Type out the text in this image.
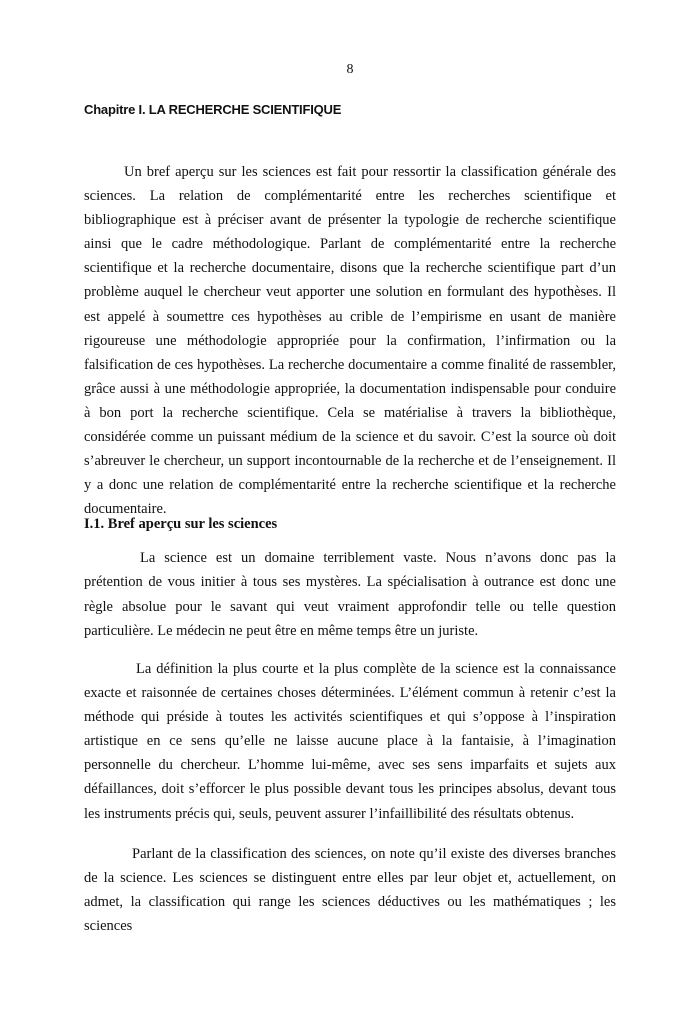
8
Chapitre I. LA RECHERCHE SCIENTIFIQUE

Un bref aperçu sur les sciences est fait pour ressortir la classification générale des sciences. La relation de complémentarité entre les recherches scientifique et bibliographique est à préciser avant de présenter la typologie de recherche scientifique ainsi que le cadre méthodologique. Parlant de complémentarité entre la recherche scientifique et la recherche documentaire, disons que la recherche scientifique part d’un problème auquel le chercheur veut apporter une solution en formulant des hypothèses. Il est appelé à soumettre ces hypothèses au crible de l’empirisme en usant de manière rigoureuse une méthodologie appropriée pour la confirmation, l’infirmation ou la falsification de ces hypothèses. La recherche documentaire a comme finalité de rassembler, grâce aussi à une méthodologie appropriée, la documentation indispensable pour conduire à bon port la recherche scientifique. Cela se matérialise à travers la bibliothèque, considérée comme un puissant médium de la science et du savoir. C’est la source où doit s’abreuver le chercheur, un support incontournable de la recherche et de l’enseignement. Il y a donc une relation de complémentarité entre la recherche scientifique et la recherche documentaire.

I.1. Bref aperçu sur les sciences

La science est un domaine terriblement vaste. Nous n’avons donc pas la prétention de vous initier à tous ses mystères. La spécialisation à outrance est donc une règle absolue pour le savant qui veut vraiment approfondir telle ou telle question particulière. Le médecin ne peut être en même temps être un juriste.

La définition la plus courte et la plus complète de la science est la connaissance exacte et raisonnée de certaines choses déterminées. L’élément commun à retenir c’est la méthode qui préside à toutes les activités scientifiques et qui s’oppose à l’inspiration artistique en ce sens qu’elle ne laisse aucune place à la fantaisie, à l’imagination personnelle du chercheur. L’homme lui-même, avec ses sens imparfaits et sujets aux défaillances, doit s’efforcer le plus possible devant tous les principes absolus, devant tous les instruments précis qui, seuls, peuvent assurer l’infaillibilité des résultats obtenus.

Parlant de la classification des sciences, on note qu’il existe des diverses branches de la science. Les sciences se distinguent entre elles par leur objet et, actuellement, on admet, la classification qui range les sciences déductives ou les mathématiques ; les sciences
